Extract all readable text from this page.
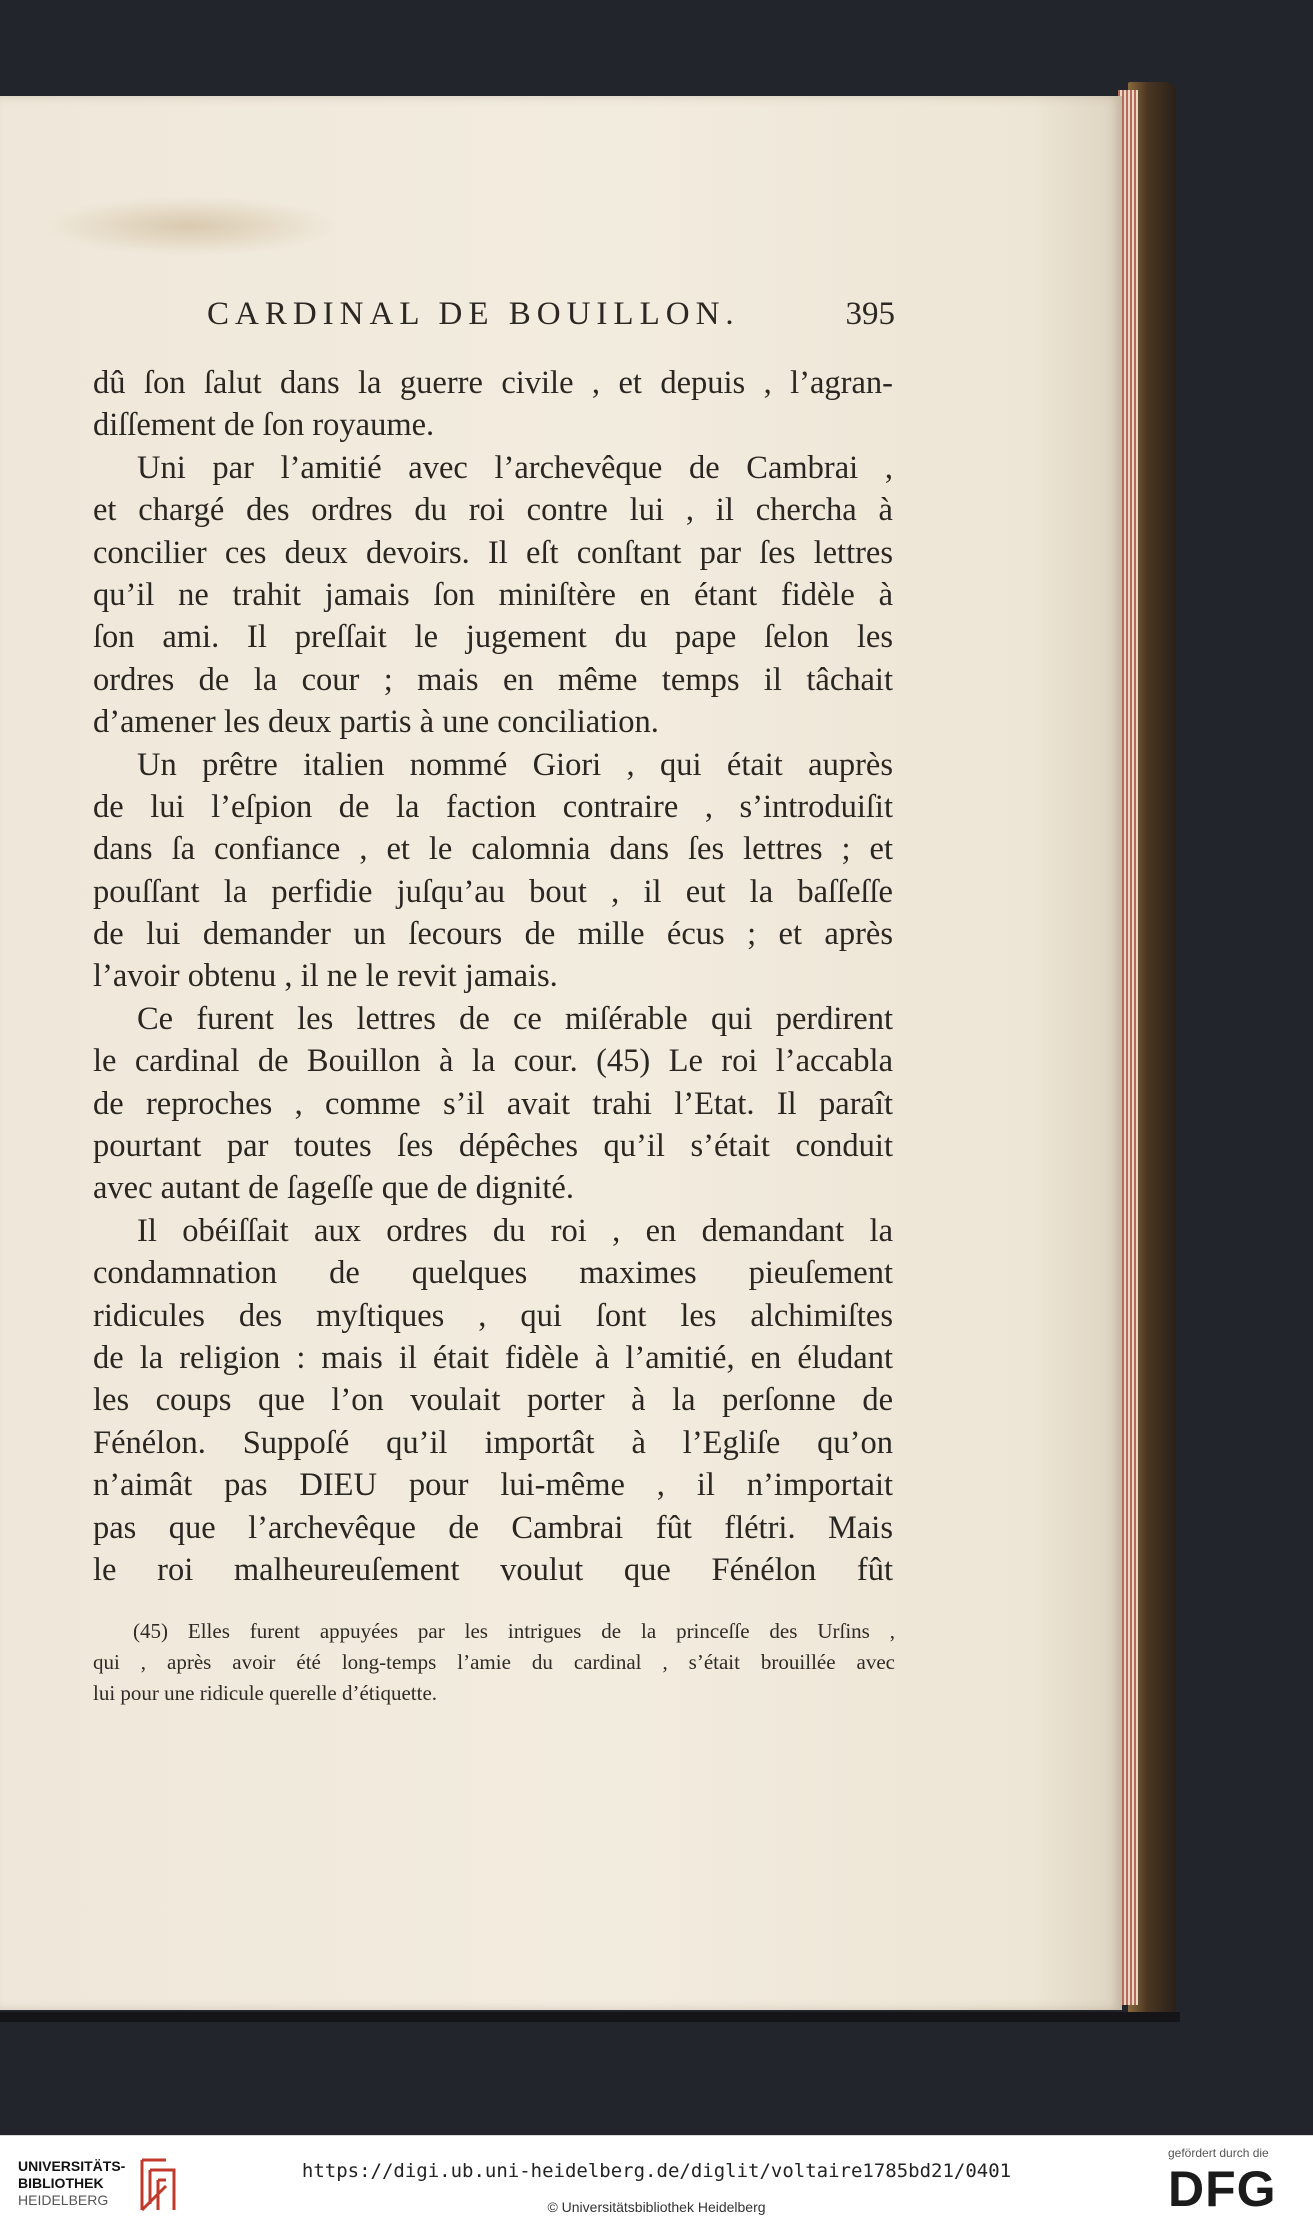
CARDINAL DE BOUILLON.	395
dû ſon ſalut dans la guerre civile , et depuis , l’agran-
diſſement de ſon royaume.
Uni par l’amitié avec l’archevêque de Cambrai ,
et chargé des ordres du roi contre lui , il chercha à
concilier ces deux devoirs. Il eſt conſtant par ſes lettres
qu’il ne trahit jamais ſon miniſtère en étant fidèle à
ſon ami. Il preſſait le jugement du pape ſelon les
ordres de la cour ; mais en même temps il tâchait
d’amener les deux partis à une conciliation.
Un prêtre italien nommé Giori , qui était auprès
de lui l’eſpion de la faction contraire , s’introduiſit
dans ſa confiance , et le calomnia dans ſes lettres ; et
pouſſant la perfidie juſqu’au bout , il eut la baſſeſſe
de lui demander un ſecours de mille écus ; et après
l’avoir obtenu , il ne le revit jamais.
Ce furent les lettres de ce miſérable qui perdirent
le cardinal de Bouillon à la cour. (45) Le roi l’accabla
de reproches , comme s’il avait trahi l’Etat. Il paraît
pourtant par toutes ſes dépêches qu’il s’était conduit
avec autant de ſageſſe que de dignité.
Il obéiſſait aux ordres du roi , en demandant la
condamnation de quelques maximes pieuſement
ridicules des myſtiques , qui ſont les alchimiſtes
de la religion : mais il était fidèle à l’amitié, en éludant
les coups que l’on voulait porter à la perſonne de
Fénélon. Suppoſé qu’il importât à l’Egliſe qu’on
n’aimât pas DIEU pour lui-même , il n’importait
pas que l’archevêque de Cambrai fût flétri. Mais
le roi malheureuſement voulut que Fénélon fût
(45) Elles furent appuyées par les intrigues de la princeſſe des Urſins ,
qui , après avoir été long-temps l’amie du cardinal , s’était brouillée avec
lui pour une ridicule querelle d’étiquette.
UNIVERSITÄTS-
BIBLIOTHEK
HEIDELBERG
https://digi.ub.uni-heidelberg.de/diglit/voltaire1785bd21/0401
© Universitätsbibliothek Heidelberg
gefördert durch die
DFG
